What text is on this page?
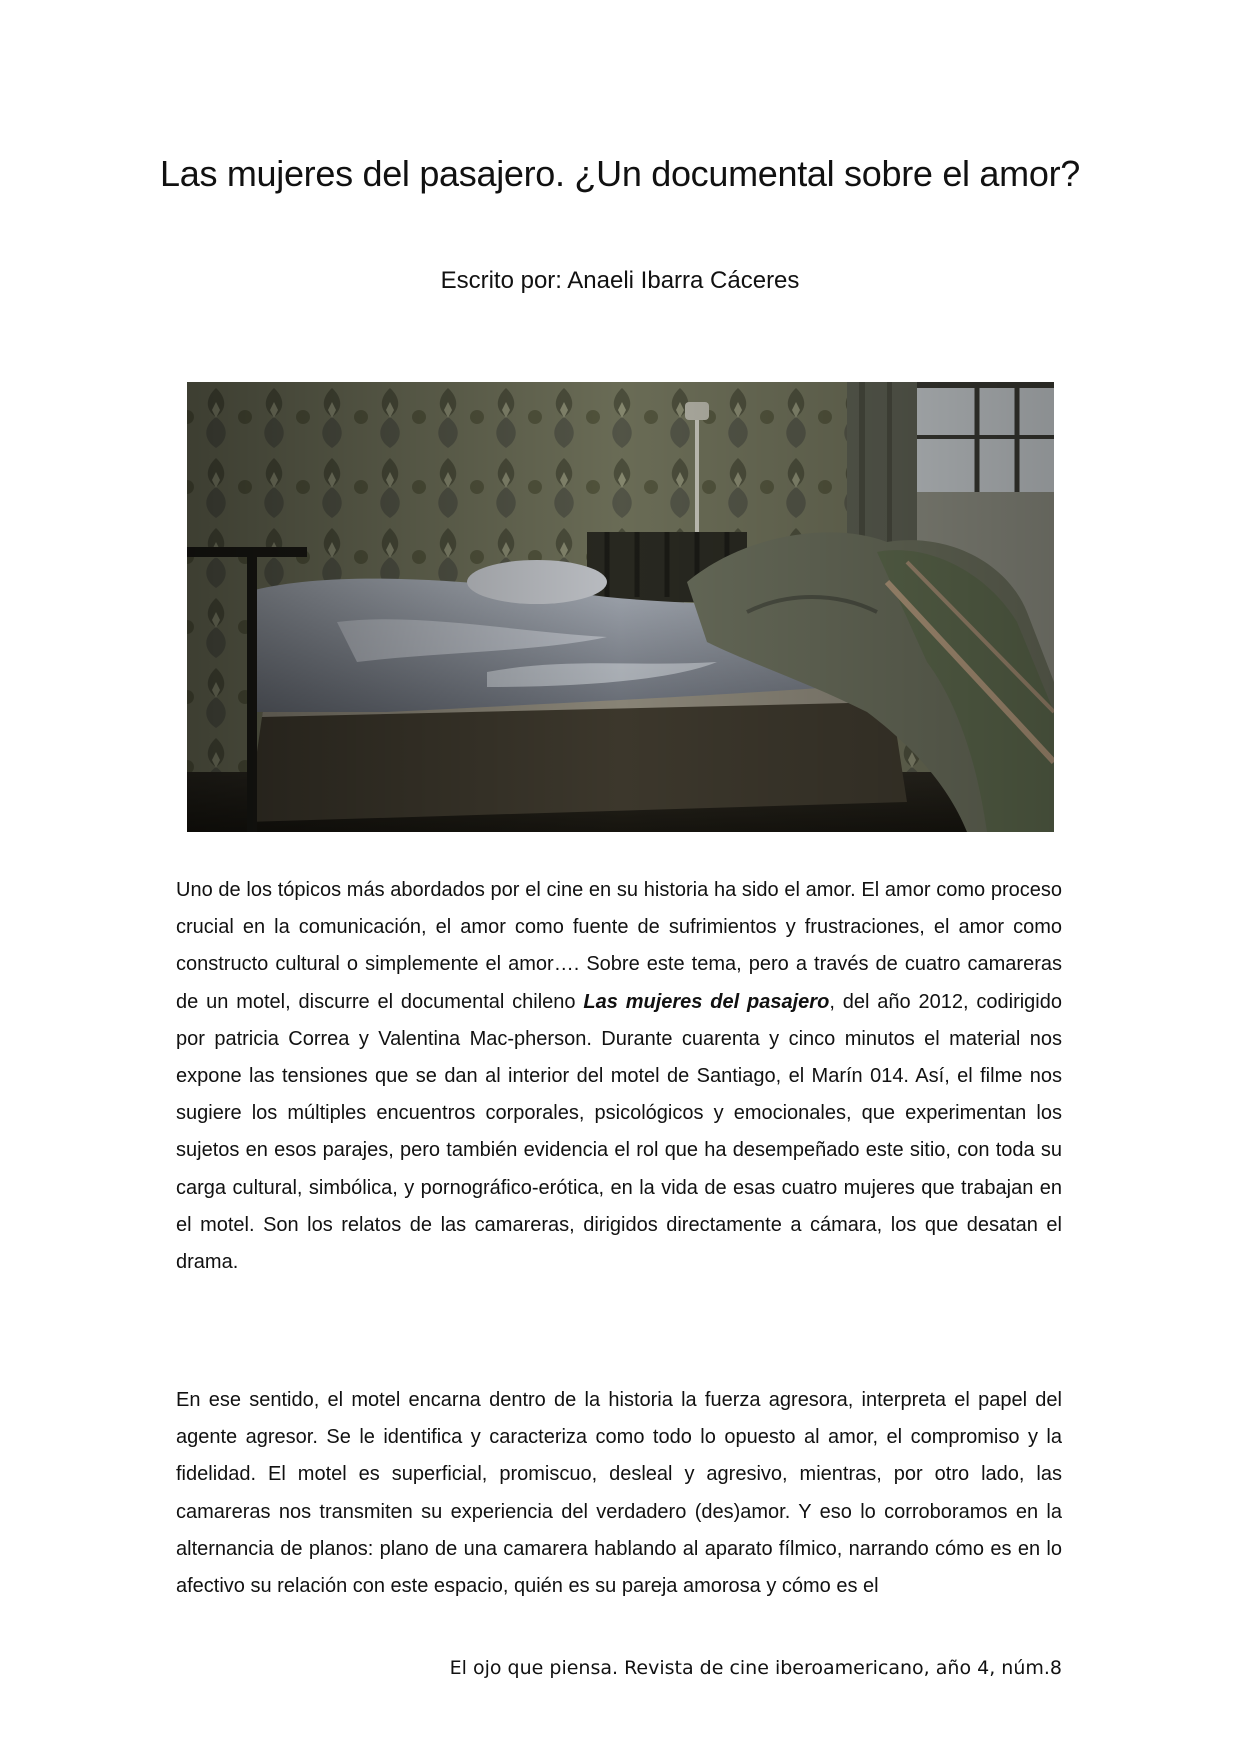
Las mujeres del pasajero. ¿Un documental sobre el amor?
Escrito por: Anaeli Ibarra Cáceres

Uno de los tópicos más abordados por el cine en su historia ha sido el amor. El amor como proceso crucial en la comunicación, el amor como fuente de sufrimientos y frustraciones, el amor como constructo cultural o simplemente el amor…. Sobre este tema, pero a través de cuatro camareras de un motel, discurre el documental chileno Las mujeres del pasajero, del año 2012, codirigido por patricia Correa y Valentina Mac-pherson. Durante cuarenta y cinco minutos el material nos expone las tensiones que se dan al interior del motel de Santiago, el Marín 014. Así, el filme nos sugiere los múltiples encuentros corporales, psicológicos y emocionales, que experimentan los sujetos en esos parajes, pero también evidencia el rol que ha desempeñado este sitio, con toda su carga cultural, simbólica, y pornográfico-erótica, en la vida de esas cuatro mujeres que trabajan en el motel. Son los relatos de las camareras, dirigidos directamente a cámara, los que desatan el drama.

En ese sentido, el motel encarna dentro de la historia la fuerza agresora, interpreta el papel del agente agresor. Se le identifica y caracteriza como todo lo opuesto al amor, el compromiso y la fidelidad. El motel es superficial, promiscuo, desleal y agresivo, mientras, por otro lado, las camareras nos transmiten su experiencia del verdadero (des)amor. Y eso lo corroboramos en la alternancia de planos: plano de una camarera hablando al aparato fílmico, narrando cómo es en lo afectivo su relación con este espacio, quién es su pareja amorosa y cómo es el

El ojo que piensa. Revista de cine iberoamericano, año 4, núm.8
